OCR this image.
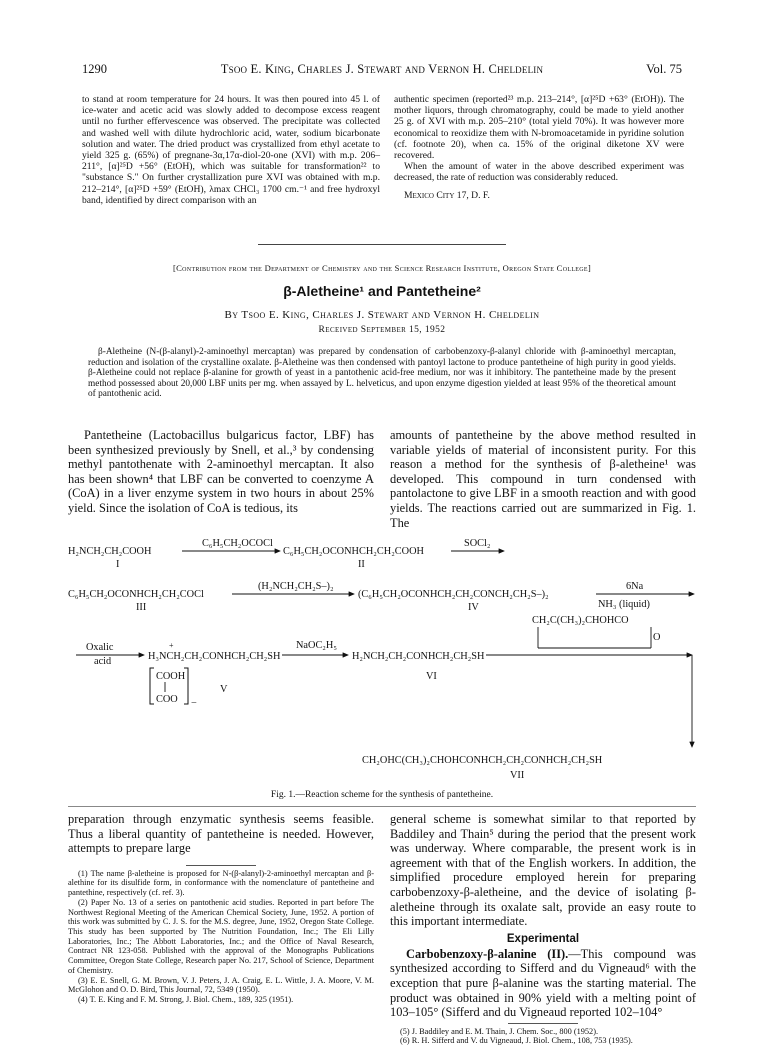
1290	Tsoo E. King, Charles J. Stewart and Vernon H. Cheldelin	Vol. 75

to stand at room temperature for 24 hours. It was then poured into 45 l. of ice-water and acetic acid was slowly added to decompose excess reagent until no further effervescence was observed. The precipitate was collected and washed well with dilute hydrochloric acid, water, sodium bicarbonate solution and water. The dried product was crystallized from ethyl acetate to yield 325 g. (65%) of pregnane-3α,17α-diol-20-one (XVI) with m.p. 206–211°, [α]²⁵D +56° (EtOH), which was suitable for transformation²² to "substance S." On further crystallization pure XVI was obtained with m.p. 212–214°, [α]²⁵D +59° (EtOH), λmax CHCl₃ 1700 cm.⁻¹ and free hydroxyl band, identified by direct comparison with an

authentic specimen (reported²³ m.p. 213–214°, [α]²⁵D +63° (EtOH)). The mother liquors, through chromatography, could be made to yield another 25 g. of XVI with m.p. 205–210° (total yield 70%). It was however more economical to reoxidize them with N-bromoacetamide in pyridine solution (cf. footnote 20), when ca. 15% of the original diketone XV were recovered.

When the amount of water in the above described experiment was decreased, the rate of reduction was considerably reduced.

Mexico City 17, D. F.

[Contribution from the Department of Chemistry and the Science Research Institute, Oregon State College]
β-Aletheine¹ and Pantetheine²
By Tsoo E. King, Charles J. Stewart and Vernon H. Cheldelin
Received September 15, 1952

β-Aletheine (N-(β-alanyl)-2-aminoethyl mercaptan) was prepared by condensation of carbobenzoxy-β-alanyl chloride with β-aminoethyl mercaptan, reduction and isolation of the crystalline oxalate. β-Aletheine was then condensed with pantoyl lactone to produce pantetheine of high purity in good yields. β-Aletheine could not replace β-alanine for growth of yeast in a pantothenic acid-free medium, nor was it inhibitory. The pantetheine made by the present method possessed about 20,000 LBF units per mg. when assayed by L. helveticus, and upon enzyme digestion yielded at least 95% of the theoretical amount of pantothenic acid.

Pantetheine (Lactobacillus bulgaricus factor, LBF) has been synthesized previously by Snell, et al.,³ by condensing methyl pantothenate with 2-aminoethyl mercaptan. It also has been shown⁴ that LBF can be converted to coenzyme A (CoA) in a liver enzyme system in two hours in about 25% yield. Since the isolation of CoA is tedious, its

amounts of pantetheine by the above method resulted in variable yields of material of inconsistent purity. For this reason a method for the synthesis of β-aletheine¹ was developed. This compound in turn condensed with pantolactone to give LBF in a smooth reaction and with good yields. The reactions carried out are summarized in Fig. 1. The

H₂NCH₂CH₂COOH
I
C₆H₅CH₂OCOCl
C₆H₅CH₂OCONHCH₂CH₂COOH
II
SOCl₂
C₆H₅CH₂OCONHCH₂CH₂COCl
III
(H₂NCH₂CH₂S–)₂
(C₆H₅CH₂OCONHCH₂CH₂CONCH₂CH₂S–)₂
IV
6Na
NH₃ (liquid)
CH₂C(CH₃)₂CHOHCO
O
Oxalic
acid
+
H₃NCH₂CH₂CONHCH₂CH₂SH
NaOC₂H₅
H₂NCH₂CH₂CONHCH₂CH₂SH
VI
COOH
COO −
V
CH₂OHC(CH₃)₂CHOHCONHCH₂CH₂CONHCH₂CH₂SH
VII
Fig. 1.—Reaction scheme for the synthesis of pantetheine.

preparation through enzymatic synthesis seems feasible. Thus a liberal quantity of pantetheine is needed. However, attempts to prepare large

(1) The name β-aletheine is proposed for N-(β-alanyl)-2-aminoethyl mercaptan and β-alethine for its disulfide form, in conformance with the nomenclature of pantetheine and pantethine, respectively (cf. ref. 3).

(2) Paper No. 13 of a series on pantothenic acid studies. Reported in part before The Northwest Regional Meeting of the American Chemical Society, June, 1952. A portion of this work was submitted by C. J. S. for the M.S. degree, June, 1952, Oregon State College. This study has been supported by The Nutrition Foundation, Inc.; The Eli Lilly Laboratories, Inc.; The Abbott Laboratories, Inc.; and the Office of Naval Research, Contract NR 123-058. Published with the approval of the Monographs Publications Committee, Oregon State College, Research paper No. 217, School of Science, Department of Chemistry.

(3) E. E. Snell, G. M. Brown, V. J. Peters, J. A. Craig, E. L. Wittle, J. A. Moore, V. M. McGlohon and O. D. Bird, This Journal, 72, 5349 (1950).

(4) T. E. King and F. M. Strong, J. Biol. Chem., 189, 325 (1951).

general scheme is somewhat similar to that reported by Baddiley and Thain⁵ during the period that the present work was underway. Where comparable, the present work is in agreement with that of the English workers. In addition, the simplified procedure employed herein for preparing carbobenzoxy-β-aletheine, and the device of isolating β-aletheine through its oxalate salt, provide an easy route to this important intermediate.

Experimental

Carbobenzoxy-β-alanine (II).—This compound was synthesized according to Sifferd and du Vigneaud⁶ with the exception that pure β-alanine was the starting material. The product was obtained in 90% yield with a melting point of 103–105° (Sifferd and du Vigneaud reported 102–104°

(5) J. Baddiley and E. M. Thain, J. Chem. Soc., 800 (1952).

(6) R. H. Sifferd and V. du Vigneaud, J. Biol. Chem., 108, 753 (1935).
